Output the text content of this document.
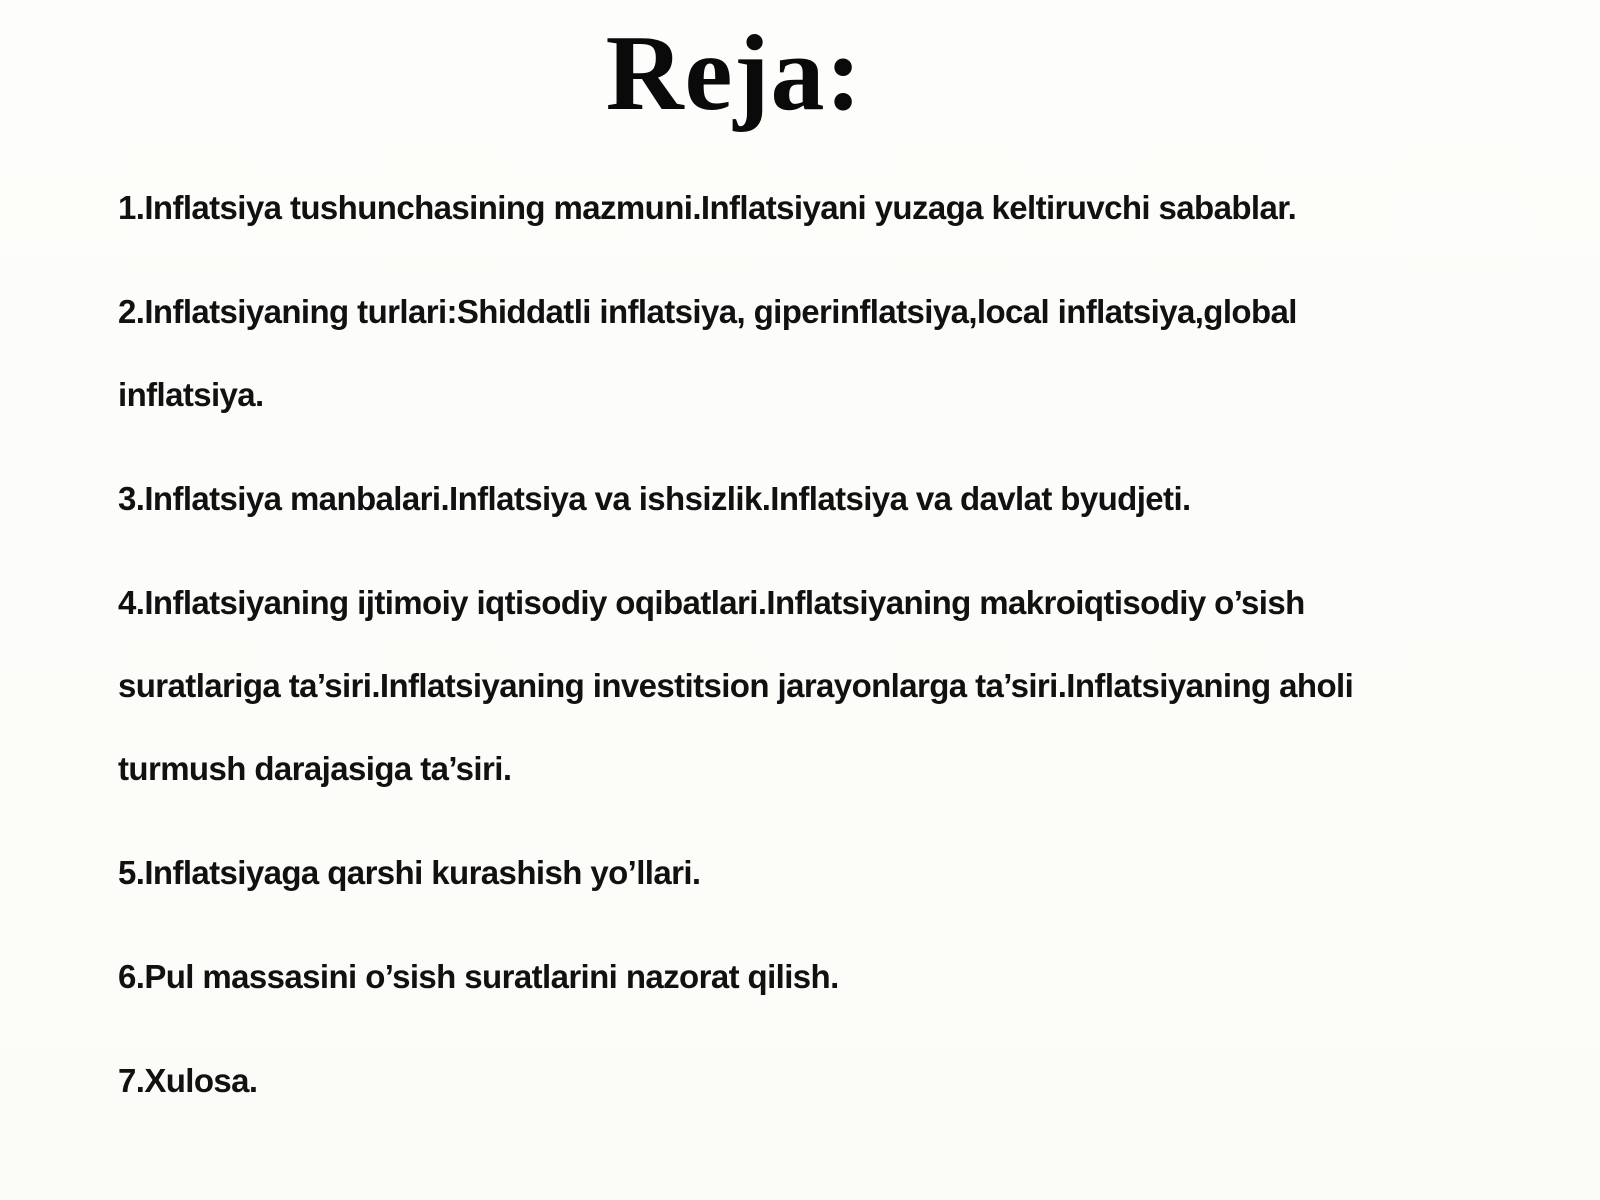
Reja:
1.Inflatsiya tushunchasining mazmuni.Inflatsiyani yuzaga keltiruvchi sabablar.
2.Inflatsiyaning turlari:Shiddatli inflatsiya, giperinflatsiya,local inflatsiya,global
inflatsiya.
3.Inflatsiya manbalari.Inflatsiya va ishsizlik.Inflatsiya va davlat byudjeti.
4.Inflatsiyaning ijtimoiy iqtisodiy oqibatlari.Inflatsiyaning makroiqtisodiy o’sish
suratlariga ta’siri.Inflatsiyaning investitsion jarayonlarga ta’siri.Inflatsiyaning aholi
turmush darajasiga ta’siri.
5.Inflatsiyaga qarshi kurashish yo’llari.
6.Pul massasini o’sish suratlarini nazorat qilish.
7.Xulosa.
